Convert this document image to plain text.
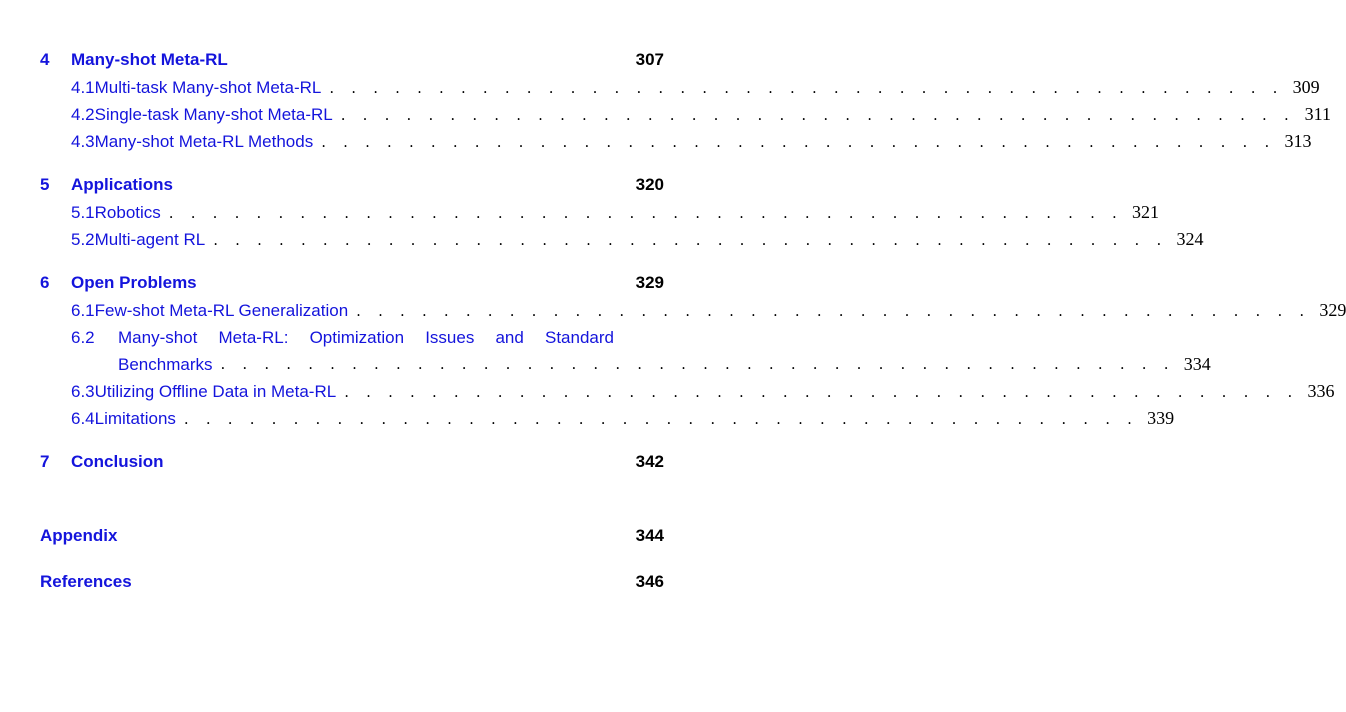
4	Many-shot Meta-RL	307
4.1 Multi-task Many-shot Meta-RL . . . . . . . . . . . . . . . . . . . . . . . . . . . . . . . . . . . . . . . . . . . . 309
4.2 Single-task Many-shot Meta-RL . . . . . . . . . . . . . . . . . . . . . . . . . . . . . . . . . . . . . . . . . . . . 311
4.3 Many-shot Meta-RL Methods . . . . . . . . . . . . . . . . . . . . . . . . . . . . . . . . . . . . . . . . . . . . 313
5	Applications	320
5.1 Robotics . . . . . . . . . . . . . . . . . . . . . . . . . . . . . . . . . . . . . . . . . . . . 321
5.2 Multi-agent RL . . . . . . . . . . . . . . . . . . . . . . . . . . . . . . . . . . . . . . . . . . . . 324
6	Open Problems	329
6.1 Few-shot Meta-RL Generalization . . . . . . . . . . . . . . . . . . . . . . . . . . . . . . . . . . . . . . . . . . . . 329
6.2	Many-shot Meta-RL: Optimization Issues and Standard
Benchmarks . . . . . . . . . . . . . . . . . . . . . . . . . . . . . . . . . . . . . . . . . . . . 334
6.3 Utilizing Offline Data in Meta-RL . . . . . . . . . . . . . . . . . . . . . . . . . . . . . . . . . . . . . . . . . . . . 336
6.4 Limitations . . . . . . . . . . . . . . . . . . . . . . . . . . . . . . . . . . . . . . . . . . . . 339
7	Conclusion	342
Appendix	344
References	346
